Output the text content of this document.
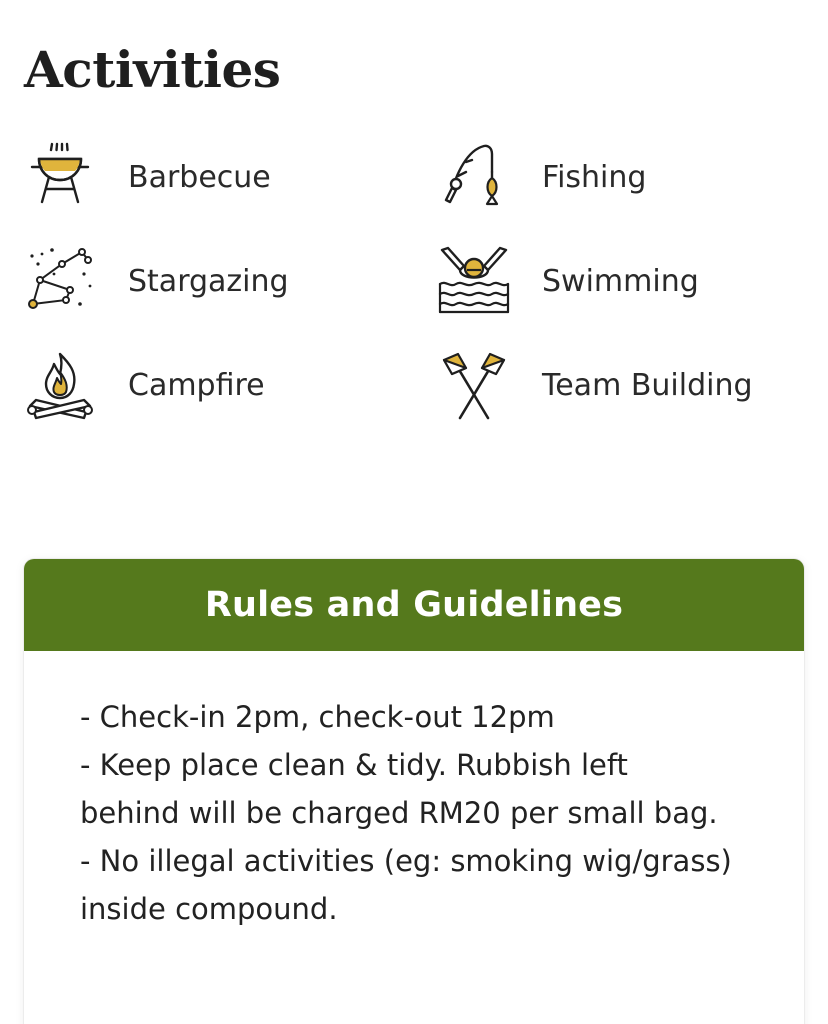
Activities
Barbecue	Fishing
Stargazing	Swimming
Campfire	Team Building
Rules and Guidelines

- Check-in 2pm, check-out 12pm

- Keep place clean & tidy. Rubbish left

behind will be charged RM20 per small bag.

- No illegal activities (eg: smoking wig/grass)

inside compound.
